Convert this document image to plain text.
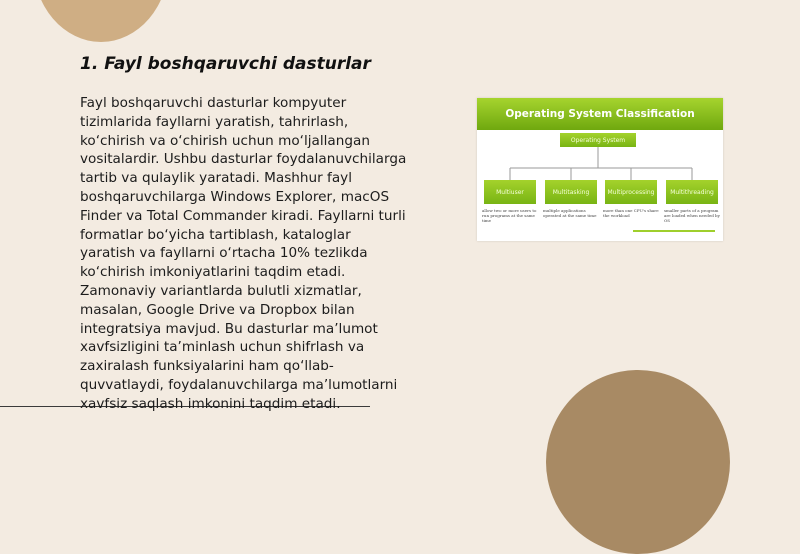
1. Fayl boshqaruvchi dasturlar
Fayl boshqaruvchi dasturlar kompyuter tizimlarida fayllarni yaratish, tahrirlash, ko‘chirish va o‘chirish uchun mo‘ljallangan vositalardir. Ushbu dasturlar foydalanuvchilarga tartib va qulaylik yaratadi. Mashhur fayl boshqaruvchilarga Windows Explorer, macOS Finder va Total Commander kiradi. Fayllarni turli formatlar bo‘yicha tartiblash, kataloglar yaratish va fayllarni o‘rtacha 10% tezlikda ko‘chirish imkoniyatlarini taqdim etadi. Zamonaviy variantlarda bulutli xizmatlar, masalan, Google Drive va Dropbox bilan integratsiya mavjud. Bu dasturlar ma’lumot xavfsizligini ta’minlash uchun shifrlash va zaxiralash funksiyalarini ham qo‘llab-quvvatlaydi, foydalanuvchilarga ma’lumotlarni xavfsiz saqlash imkonini taqdim etadi.
Operating System Classification
Operating System
Multiuser	Multitasking	Multiprocessing	Multithreading
allow two or more users to run programs at the same time
multiple applications operated at the same time
more than one CPU's share the workload
smaller parts of a program are loaded when needed by OS
